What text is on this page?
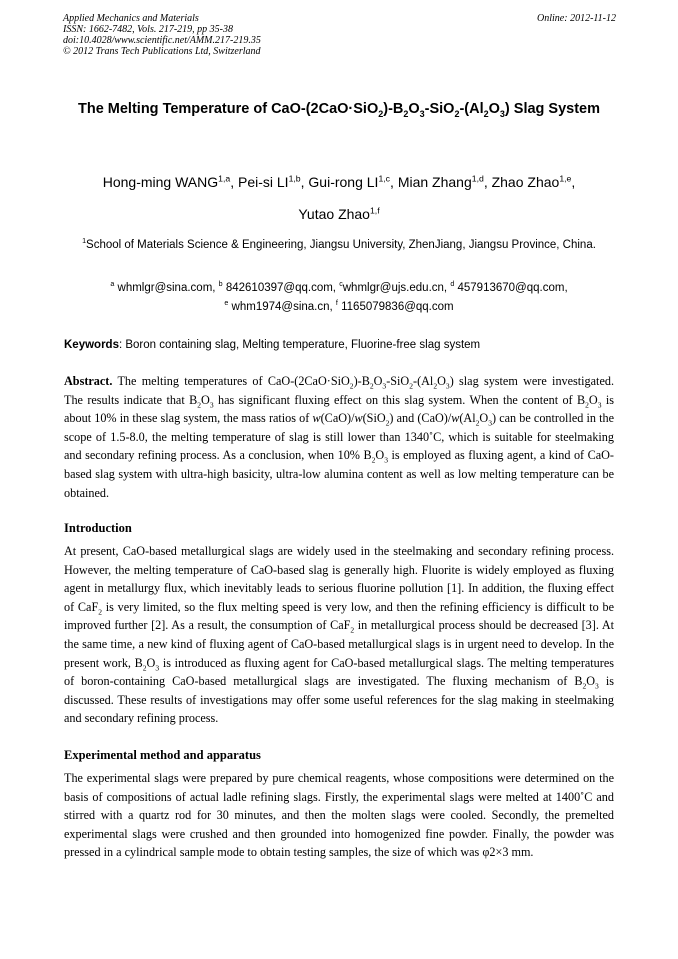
Applied Mechanics and Materials
ISSN: 1662-7482, Vols. 217-219, pp 35-38
doi:10.4028/www.scientific.net/AMM.217-219.35
© 2012 Trans Tech Publications Ltd, Switzerland
Online: 2012-11-12
The Melting Temperature of CaO-$(2CaO\cdot SiO_2)-B_2O_3-SiO_2-(Al_2O_3)$ Slag System
Hong-ming WANG$^{1,a}$, Pei-si LI$^{1,b}$, Gui-rong LI$^{1,c}$, Mian Zhang$^{1,d}$, Zhao Zhao$^{1,e}$,
Yutao Zhao$^{1,f}$
$^1$School of Materials Science & Engineering, Jiangsu University, ZhenJiang, Jiangsu Province, China.
$^a$ whmlgr@sina.com, $^b$ 842610397@qq.com, $^c$whmlgr@ujs.edu.cn, $^d$ 457913670@qq.com,
$^e$ whm1974@sina.cn, $^f$ 1165079836@qq.com
Keywords: Boron containing slag, Melting temperature, Fluorine-free slag system
Abstract. The melting temperatures of CaO-$(2CaO\cdot SiO_2)-B_2O_3-SiO_2-(Al_2O_3)$ slag system were investigated. The results indicate that $B_2O_3$ has significant fluxing effect on this slag system. When the content of $B_2O_3$ is about 10% in these slag system, the mass ratios of w(CaO)/w(SiO$_2$) and $(CaO)/w(Al_2O_3)$ can be controlled in the scope of 1.5-8.0, the melting temperature of slag is still lower than 1340˚C, which is suitable for steelmaking and secondary refining process. As a conclusion, when 10% $B_2O_3$ is employed as fluxing agent, a kind of CaO-based slag system with ultra-high basicity, ultra-low alumina content as well as low melting temperature can be obtained.
Introduction
At present, CaO-based metallurgical slags are widely used in the steelmaking and secondary refining process. However, the melting temperature of CaO-based slag is generally high. Fluorite is widely employed as fluxing agent in metallurgy flux, which inevitably leads to serious fluorine pollution [1]. In addition, the fluxing effect of CaF$_2$ is very limited, so the flux melting speed is very low, and then the refining efficiency is difficult to be improved further [2]. As a result, the consumption of CaF$_2$ in metallurgical process should be decreased [3]. At the same time, a new kind of fluxing agent of CaO-based metallurgical slags is in urgent need to develop. In the present work, $B_2O_3$ is introduced as fluxing agent for CaO-based metallurgical slags. The melting temperatures of boron-containing CaO-based metallurgical slags are investigated. The fluxing mechanism of $B_2O_3$ is discussed. These results of investigations may offer some useful references for the slag making in steelmaking and secondary refining process.
Experimental method and apparatus
The experimental slags were prepared by pure chemical reagents, whose compositions were determined on the basis of compositions of actual ladle refining slags. Firstly, the experimental slags were melted at 1400˚C and stirred with a quartz rod for 30 minutes, and then the molten slags were cooled. Secondly, the premelted experimental slags were crushed and then grounded into homogenized fine powder. Finally, the powder was pressed in a cylindrical sample mode to obtain testing samples, the size of which was φ2×3 mm.
